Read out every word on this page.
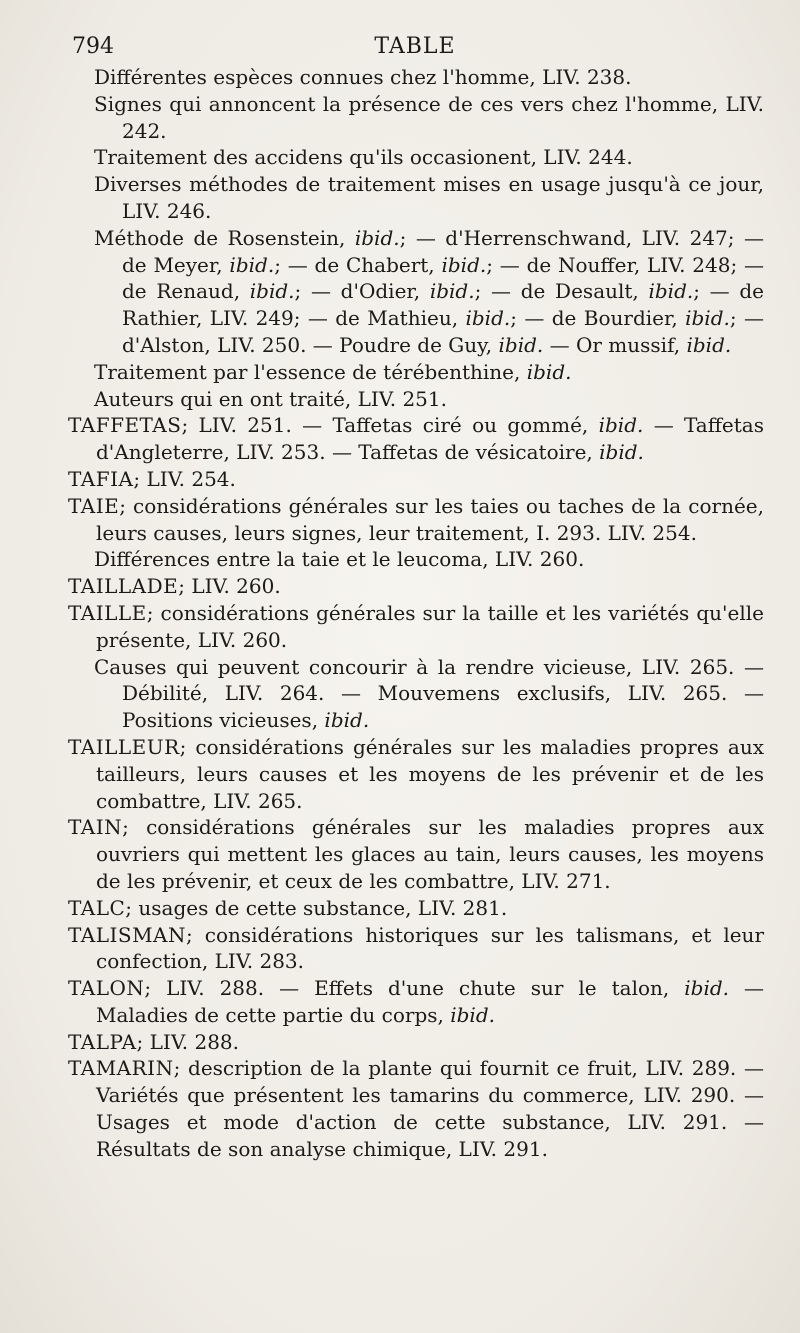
794	TABLE

Différentes espèces connues chez l'homme, LIV. 238.

Signes qui annoncent la présence de ces vers chez l'homme, LIV. 242.

Traitement des accidens qu'ils occasionent, LIV. 244.

Diverses méthodes de traitement mises en usage jusqu'à ce jour, LIV. 246.

Méthode de Rosenstein, ibid.; — d'Herrenschwand, LIV. 247; — de Meyer, ibid.; — de Chabert, ibid.; — de Nouffer, LIV. 248; — de Renaud, ibid.; — d'Odier, ibid.; — de Desault, ibid.; — de Rathier, LIV. 249; — de Mathieu, ibid.; — de Bourdier, ibid.; — d'Alston, LIV. 250. — Poudre de Guy, ibid. — Or mussif, ibid.

Traitement par l'essence de térébenthine, ibid.

Auteurs qui en ont traité, LIV. 251.

TAFFETAS; LIV. 251. — Taffetas ciré ou gommé, ibid. — Taffetas d'Angleterre, LIV. 253. — Taffetas de vésicatoire, ibid.

TAFIA; LIV. 254.

TAIE; considérations générales sur les taies ou taches de la cornée, leurs causes, leurs signes, leur traitement, I. 293. LIV. 254.

Différences entre la taie et le leucoma, LIV. 260.

TAILLADE; LIV. 260.

TAILLE; considérations générales sur la taille et les variétés qu'elle présente, LIV. 260.

Causes qui peuvent concourir à la rendre vicieuse, LIV. 265. — Débilité, LIV. 264. — Mouvemens exclusifs, LIV. 265. — Positions vicieuses, ibid.

TAILLEUR; considérations générales sur les maladies propres aux tailleurs, leurs causes et les moyens de les prévenir et de les combattre, LIV. 265.

TAIN; considérations générales sur les maladies propres aux ouvriers qui mettent les glaces au tain, leurs causes, les moyens de les prévenir, et ceux de les combattre, LIV. 271.

TALC; usages de cette substance, LIV. 281.

TALISMAN; considérations historiques sur les talismans, et leur confection, LIV. 283.

TALON; LIV. 288. — Effets d'une chute sur le talon, ibid. — Maladies de cette partie du corps, ibid.

TALPA; LIV. 288.

TAMARIN; description de la plante qui fournit ce fruit, LIV. 289. — Variétés que présentent les tamarins du commerce, LIV. 290. — Usages et mode d'action de cette substance, LIV. 291. — Résultats de son analyse chimique, LIV. 291.
